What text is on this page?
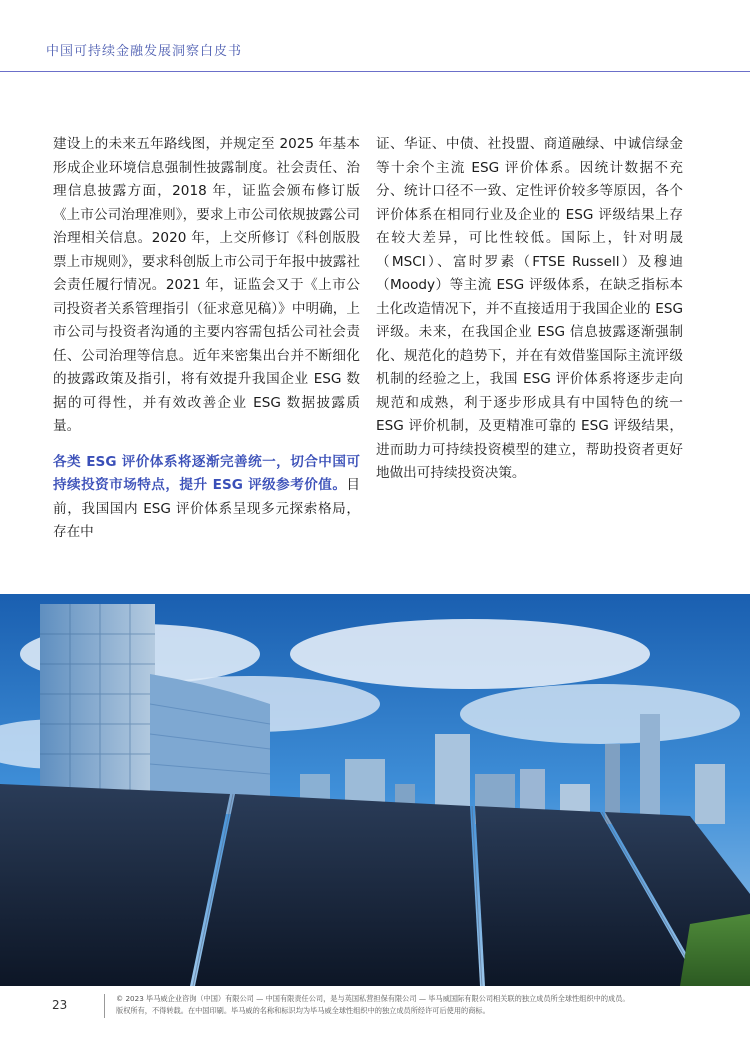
中国可持续金融发展洞察白皮书

建设上的未来五年路线图，并规定至 2025 年基本形成企业环境信息强制性披露制度。社会责任、治理信息披露方面，2018 年，证监会颁布修订版《上市公司治理准则》，要求上市公司依规披露公司治理相关信息。2020 年，上交所修订《科创版股票上市规则》，要求科创版上市公司于年报中披露社会责任履行情况。2021 年，证监会又于《上市公司投资者关系管理指引（征求意见稿）》中明确，上市公司与投资者沟通的主要内容需包括公司社会责任、公司治理等信息。近年来密集出台并不断细化的披露政策及指引，将有效提升我国企业 ESG 数据的可得性，并有效改善企业 ESG 数据披露质量。

各类 ESG 评价体系将逐渐完善统一，切合中国可持续投资市场特点，提升 ESG 评级参考价值。目前，我国国内 ESG 评价体系呈现多元探索格局，存在中

证、华证、中债、社投盟、商道融绿、中诚信绿金等十余个主流 ESG 评价体系。因统计数据不充分、统计口径不一致、定性评价较多等原因，各个评价体系在相同行业及企业的 ESG 评级结果上存在较大差异，可比性较低。国际上，针对明晟（MSCI）、富时罗素（FTSE Russell）及穆迪（Moody）等主流 ESG 评级体系，在缺乏指标本土化改造情况下，并不直接适用于我国企业的 ESG 评级。未来，在我国企业 ESG 信息披露逐渐强制化、规范化的趋势下，并在有效借鉴国际主流评级机制的经验之上，我国 ESG 评价体系将逐步走向规范和成熟，利于逐步形成具有中国特色的统一 ESG 评价机制，及更精准可靠的 ESG 评级结果，进而助力可持续投资模型的建立，帮助投资者更好地做出可持续投资决策。

23	© 2023 毕马威企业咨询（中国）有限公司 — 中国有限责任公司，是与英国私营担保有限公司 — 毕马威国际有限公司相关联的独立成员所全球性组织中的成员。
版权所有，不得转载。在中国印刷。毕马威的名称和标识均为毕马威全球性组织中的独立成员所经许可后使用的商标。
